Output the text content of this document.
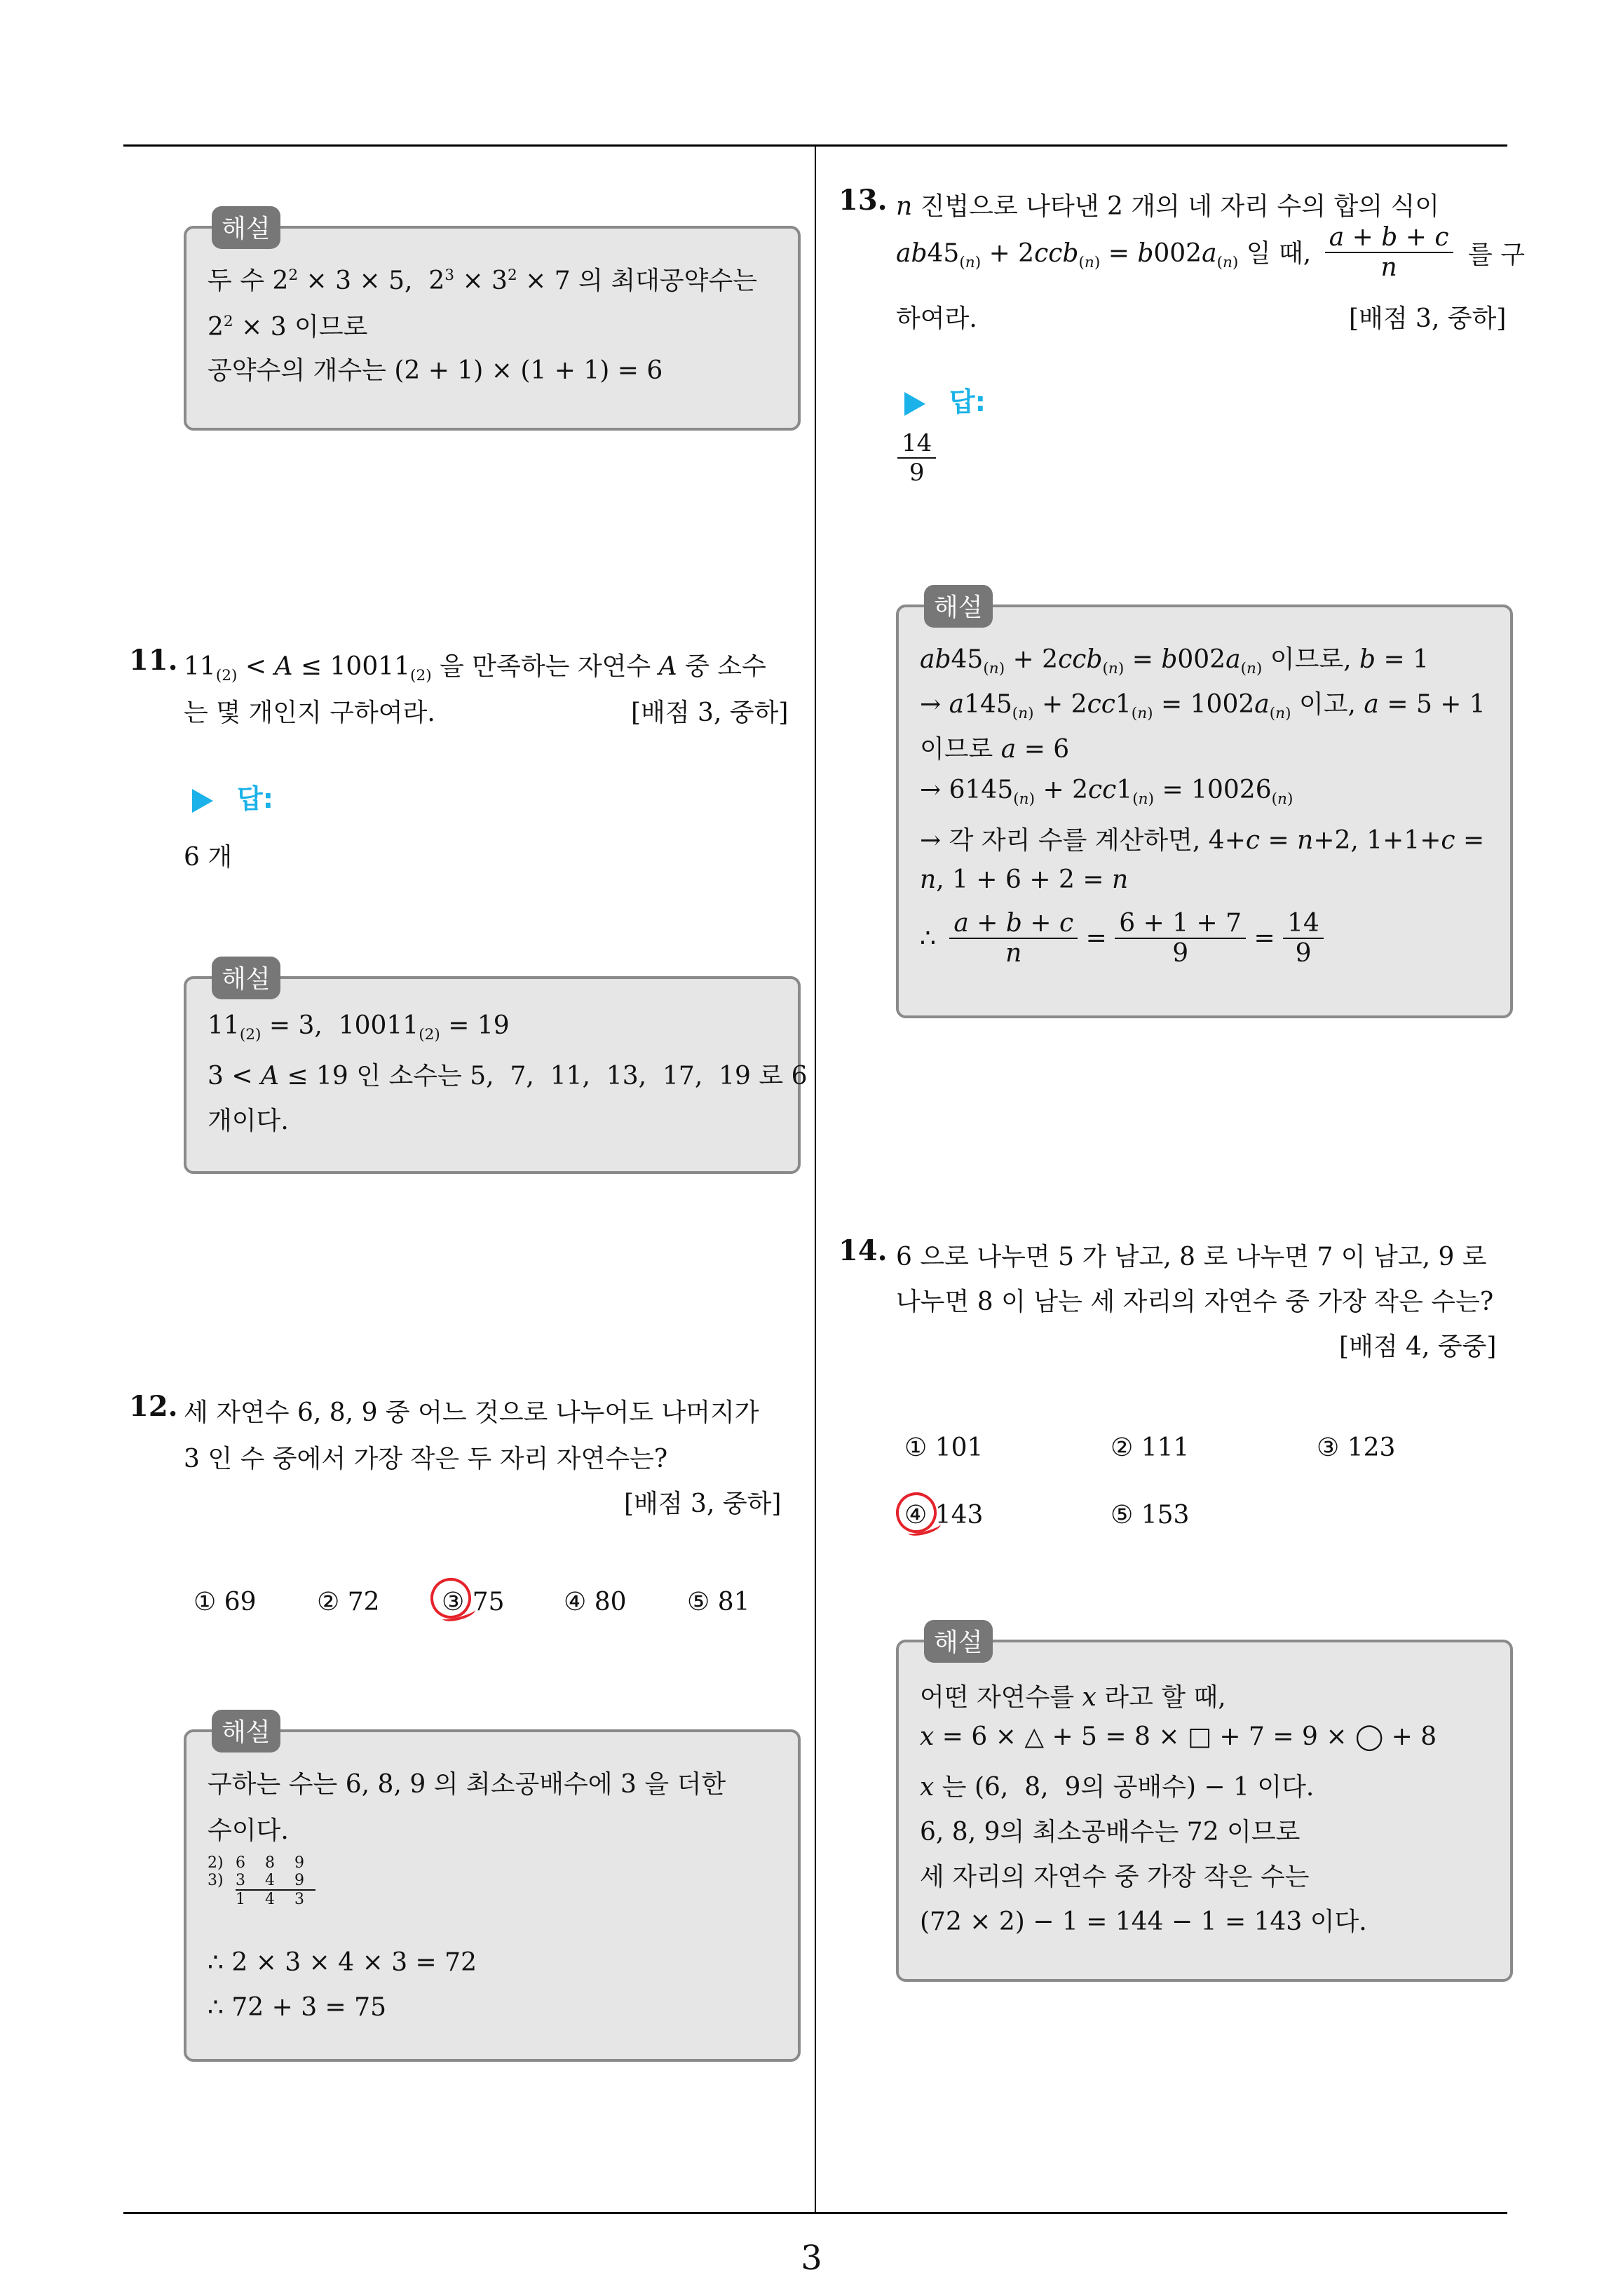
해설
두 수 $2^2 \times 3 \times 5$,  $2^3 \times 3^2 \times 7$ 의 최대공약수는
$2^2 \times 3$ 이므로
공약수의 개수는 (2 + 1) × (1 + 1) = 6
11. $11_{(2)} < A \le 10011_{(2)}$ 을 만족하는 자연수 A 중 소수
는 몇 개인지 구하여라.	[배점 3, 중하]
답:
6 개
해설
$11_{(2)} = 3$,  $10011_{(2)} = 19$
3 < A ≤ 19 인 소수는 5,  7,  11,  13,  17,  19 로 6
개이다.
12. 세 자연수 6, 8, 9 중 어느 것으로 나누어도 나머지가
3 인 수 중에서 가장 작은 두 자리 자연수는?
[배점 3, 중하]
① 69 ② 72 ③ 75 ④ 80 ⑤ 81
해설
구하는 수는 6, 8, 9 의 최소공배수에 3 을 더한
수이다.
2) 6 8 9
3) 3 4 9
1 4 3
∴ 2 × 3 × 4 × 3 = 72
∴ 72 + 3 = 75
13. n 진법으로 나타낸 2 개의 네 자리 수의 합의 식이
$ab45_{(n)} + 2ccb_{(n)} = b002a_{(n)}$ 일 때, $\frac{a + b + c}{n}$ 를 구
하여라.	[배점 3, 중하]
답:
$\frac{14}{9}$
해설
$ab45_{(n)} + 2ccb_{(n)} = b002a_{(n)}$ 이므로, b = 1
→ $a145_{(n)} + 2cc1_{(n)} = 1002a_{(n)}$ 이고, a = 5 + 1
이므로 a = 6
→ $6145_{(n)} + 2cc1_{(n)} = 10026_{(n)}$
→ 각 자리 수를 계산하면, 4+c = n+2, 1+1+c =
n, 1 + 6 + 2 = n
∴ $\frac{a + b + c}{n} = \frac{6 + 1 + 7}{9} = \frac{14}{9}$
14. 6 으로 나누면 5 가 남고, 8 로 나누면 7 이 남고, 9 로
나누면 8 이 남는 세 자리의 자연수 중 가장 작은 수는?
[배점 4, 중중]
① 101	② 111	③ 123
④ 143	⑤ 153
해설
어떤 자연수를 x 라고 할 때,
x = 6 × △ + 5 = 8 × □ + 7 = 9 × ◯ + 8
x 는 (6,  8,  9의 공배수) − 1 이다.
6, 8, 9의 최소공배수는 72 이므로
세 자리의 자연수 중 가장 작은 수는
(72 × 2) − 1 = 144 − 1 = 143 이다.
3
